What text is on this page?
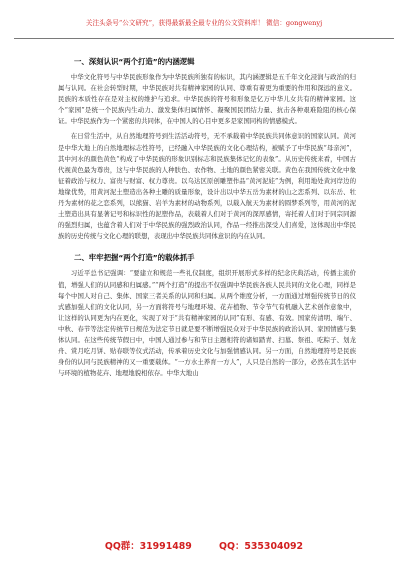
关注头条号“公文研究”，获得最新最全最专业的公文资料库！ 微信：gongwenyj
一、深刻认识“两个打造”的内涵逻辑

中华文化符号与中华民族形象作为中华民族所独有的标识，其内涵逻辑是五千年文化浸润与政治的归属与认同。在社会转型时期，中华民族对共有精神家园的认同、尊重有着更为重要的作用和深远的意义。民族的本质性存在是对主权的维护与追求。中华民族的符号和形象是亿万中华儿女共有的精神家园。这个“家园”是统一个民族内生动力、激发集体归属情怀、凝聚国民团结力量、抗击各种艰难险阻的核心保证。中华民族作为一个紧密的共同体，在中国人的心目中更多是家国同构的情感模式。

在日常生活中，从自然地理符号到生活活动符号，无不承载着中华民族共同体意识的国家认同。黄河是中华大地上的自然地理标志性符号，已经融入中华民族的文化心理结构，被赋予了中华民族“母亲河”，其中河水的颜色黄色“构成了中华民族的形象识别标志和民族集体记忆的表象”。从历史传统来看，中国古代视黄色最为尊贵，这与中华民族的人种肤色、农作物、土地的颜色紧密关联。黄色在我国传统文化中象征着政治与权力、富贵与财富、权力尊贵。以乌达区原创雕塑作品“黄河泥娃”为例，利用地处黄河岸边的地缘优势，用黄河泥土塑造出各种土雕的质量形象，设计出以中华五岳为素材的山之恋系列、以东岳、牡丹为素材的花之恋系列，以熊猫、岩羊为素材的动物系列，以载入航天为素材的圆梦系列等，用黄河的泥土塑造出具有显著记号和标识性的泥塑作品，表载着人们对于黄河的深厚感情，寄托着人们对于同宗同源的强烈归属，也蕴含着人们对于中华民族的强烈政治认同，作品一经推出深受人们喜爱，这体现出中华民族的历史传统与文化心理的联想，表现出中华民族共同体意识的内在认同。

二、牢牢把握“两个打造”的载体抓手

习近平总书记强调：“要建立和规范一些礼仪制度，组织开展形式多样的纪念庆典活动，传播主流价值，增强人们的认同感和归属感。”“两个打造”的提出不仅强调中华民族各族人民共同的文化心理，同样是每个中国人对自己、集体、国家三者关系的认同和归属。从两个维度分析，一方面通过增强传统节日的仪式感加强人们的文化认同，另一方面将符号与地理环境、花卉植物、节令节气有机融入艺术创作意象中，让这样的认同更为内在更化，实现了对于“共有精神家园的认同”有形、有感、有效。国家传清明、端午、中秋、春节等法定传统节日规范为法定节日就是要不断增强民众对于中华民族的政治认同、家国情感与集体认同。在这些传统节假日中，中国人通过参与和节日主题相符的诸如踏青、扫墓、祭祖、吃粽子、划龙舟、赏月吃月饼、贴春联等仪式活动，传承着历史文化与加强情感认同。另一方面，自然地理符号是民族身份的认同与民族精神的又一重要载体。“一方水土养育一方人”，人只是自然的一部分，必然在其生活中与环境的植物花卉、地理地貌相依存。中华大地山

QQ群：31991489	QQ：535304092
